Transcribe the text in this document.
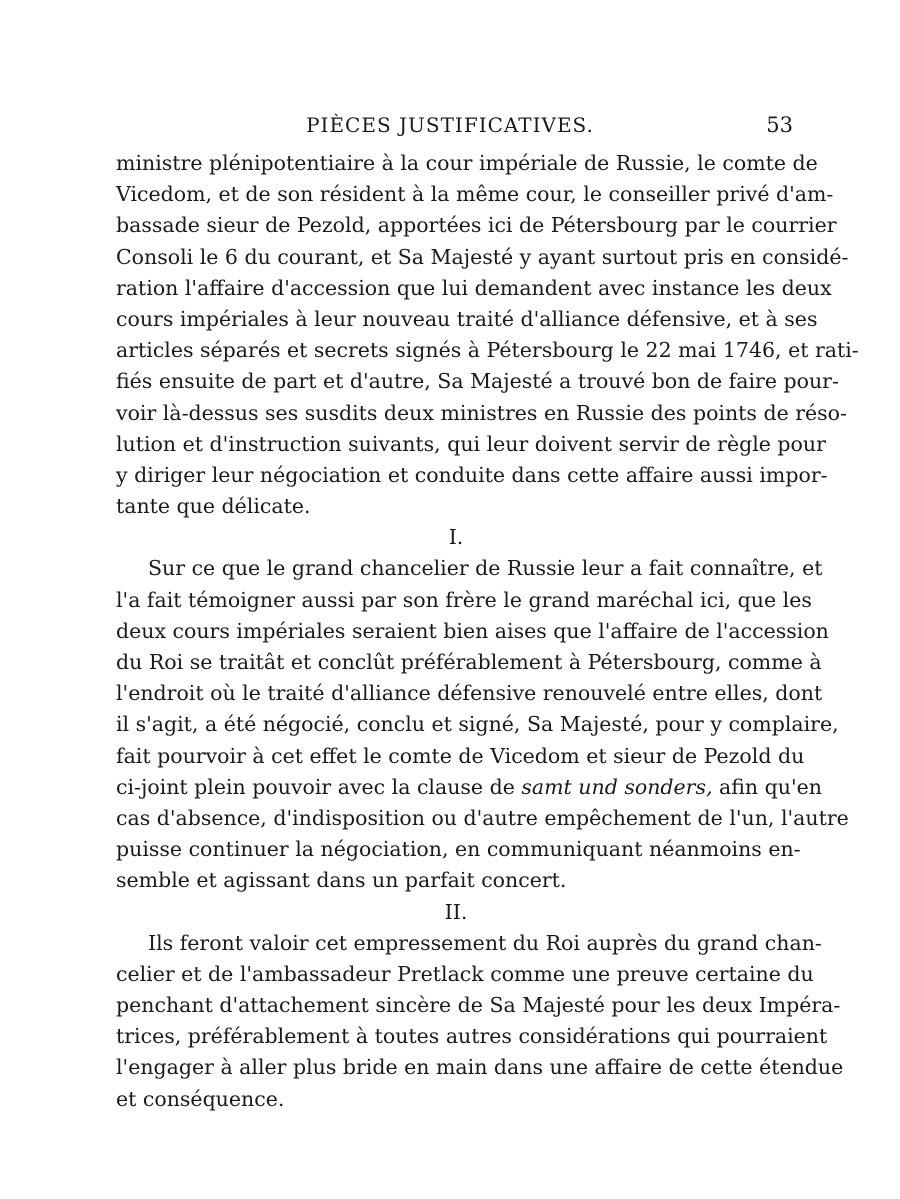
PIÈCES JUSTIFICATIVES.	53
ministre plénipotentiaire à la cour impériale de Russie, le comte de
Vicedom, et de son résident à la même cour, le conseiller privé d'am-
bassade sieur de Pezold, apportées ici de Pétersbourg par le courrier
Consoli le 6 du courant, et Sa Majesté y ayant surtout pris en considé-
ration l'affaire d'accession que lui demandent avec instance les deux
cours impériales à leur nouveau traité d'alliance défensive, et à ses
articles séparés et secrets signés à Pétersbourg le 22 mai 1746, et rati-
fiés ensuite de part et d'autre, Sa Majesté a trouvé bon de faire pour-
voir là-dessus ses susdits deux ministres en Russie des points de réso-
lution et d'instruction suivants, qui leur doivent servir de règle pour
y diriger leur négociation et conduite dans cette affaire aussi impor-
tante que délicate.
I.
Sur ce que le grand chancelier de Russie leur a fait connaître, et
l'a fait témoigner aussi par son frère le grand maréchal ici, que les
deux cours impériales seraient bien aises que l'affaire de l'accession
du Roi se traitât et conclût préférablement à Pétersbourg, comme à
l'endroit où le traité d'alliance défensive renouvelé entre elles, dont
il s'agit, a été négocié, conclu et signé, Sa Majesté, pour y complaire,
fait pourvoir à cet effet le comte de Vicedom et sieur de Pezold du
ci-joint plein pouvoir avec la clause de samt und sonders, afin qu'en
cas d'absence, d'indisposition ou d'autre empêchement de l'un, l'autre
puisse continuer la négociation, en communiquant néanmoins en-
semble et agissant dans un parfait concert.
II.
Ils feront valoir cet empressement du Roi auprès du grand chan-
celier et de l'ambassadeur Pretlack comme une preuve certaine du
penchant d'attachement sincère de Sa Majesté pour les deux Impéra-
trices, préférablement à toutes autres considérations qui pourraient
l'engager à aller plus bride en main dans une affaire de cette étendue
et conséquence.
